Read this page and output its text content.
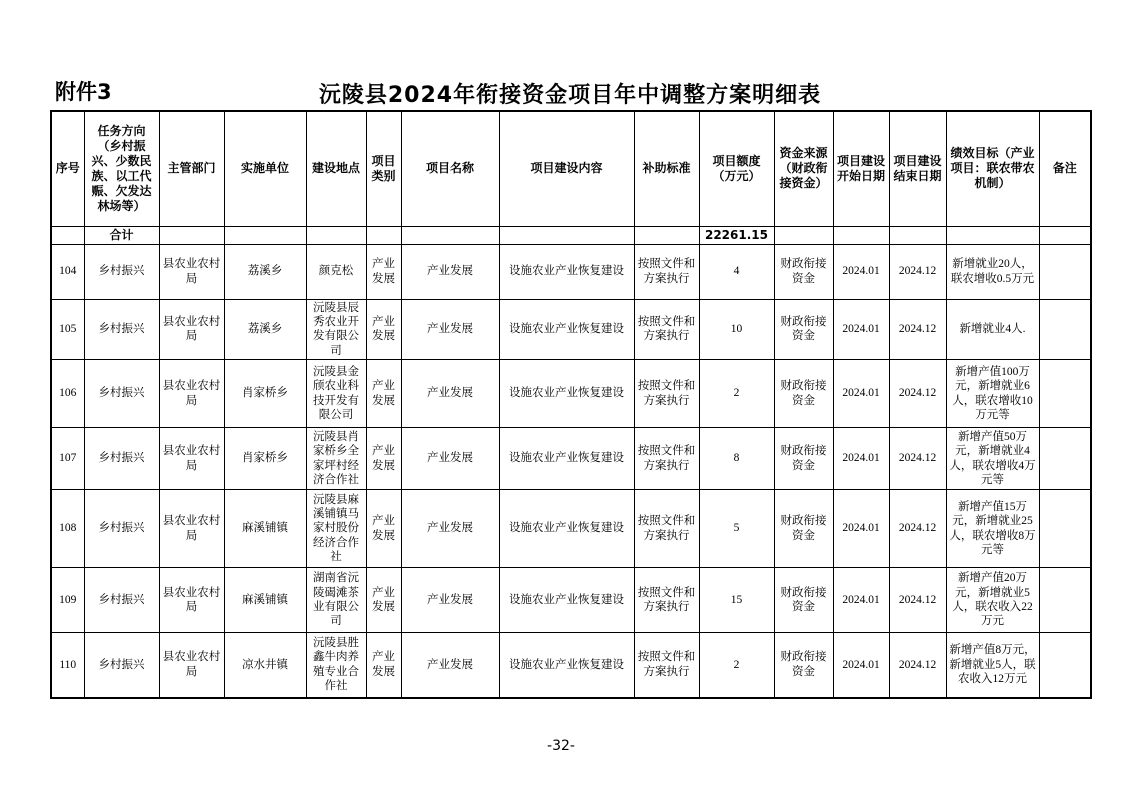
附件3	沅陵县2024年衔接资金项目年中调整方案明细表
序号	任务方向（乡村振兴、少数民族、以工代赈、欠发达林场等）	主管部门	实施单位	建设地点	项目类别	项目名称	项目建设内容	补助标准	项目额度（万元）	资金来源（财政衔接资金）	项目建设开始日期	项目建设结束日期	绩效目标（产业项目：联农带农机制）	备注
	合计								22261.15					
104	乡村振兴	县农业农村局	荔溪乡	颜克松	产业发展	产业发展	设施农业产业恢复建设	按照文件和方案执行	4	财政衔接资金	2024.01	2024.12	新增就业20人，联农增收0.5万元	
105	乡村振兴	县农业农村局	荔溪乡	沅陵县辰秀农业开发有限公司	产业发展	产业发展	设施农业产业恢复建设	按照文件和方案执行	10	财政衔接资金	2024.01	2024.12	新增就业4人.	
106	乡村振兴	县农业农村局	肖家桥乡	沅陵县金颀农业科技开发有限公司	产业发展	产业发展	设施农业产业恢复建设	按照文件和方案执行	2	财政衔接资金	2024.01	2024.12	新增产值100万元，新增就业6人，联农增收10万元等	
107	乡村振兴	县农业农村局	肖家桥乡	沅陵县肖家桥乡全家坪村经济合作社	产业发展	产业发展	设施农业产业恢复建设	按照文件和方案执行	8	财政衔接资金	2024.01	2024.12	新增产值50万元，新增就业4人，联农增收4万元等	
108	乡村振兴	县农业农村局	麻溪铺镇	沅陵县麻溪铺镇马家村股份经济合作社	产业发展	产业发展	设施农业产业恢复建设	按照文件和方案执行	5	财政衔接资金	2024.01	2024.12	新增产值15万元，新增就业25人，联农增收8万元等	
109	乡村振兴	县农业农村局	麻溪铺镇	湖南省沅陵碣滩茶业有限公司	产业发展	产业发展	设施农业产业恢复建设	按照文件和方案执行	15	财政衔接资金	2024.01	2024.12	新增产值20万元，新增就业5人，联农收入22万元	
110	乡村振兴	县农业农村局	凉水井镇	沅陵县胜鑫牛肉养殖专业合作社	产业发展	产业发展	设施农业产业恢复建设	按照文件和方案执行	2	财政衔接资金	2024.01	2024.12	新增产值8万元，新增就业5人，联农收入12万元	
-32-
